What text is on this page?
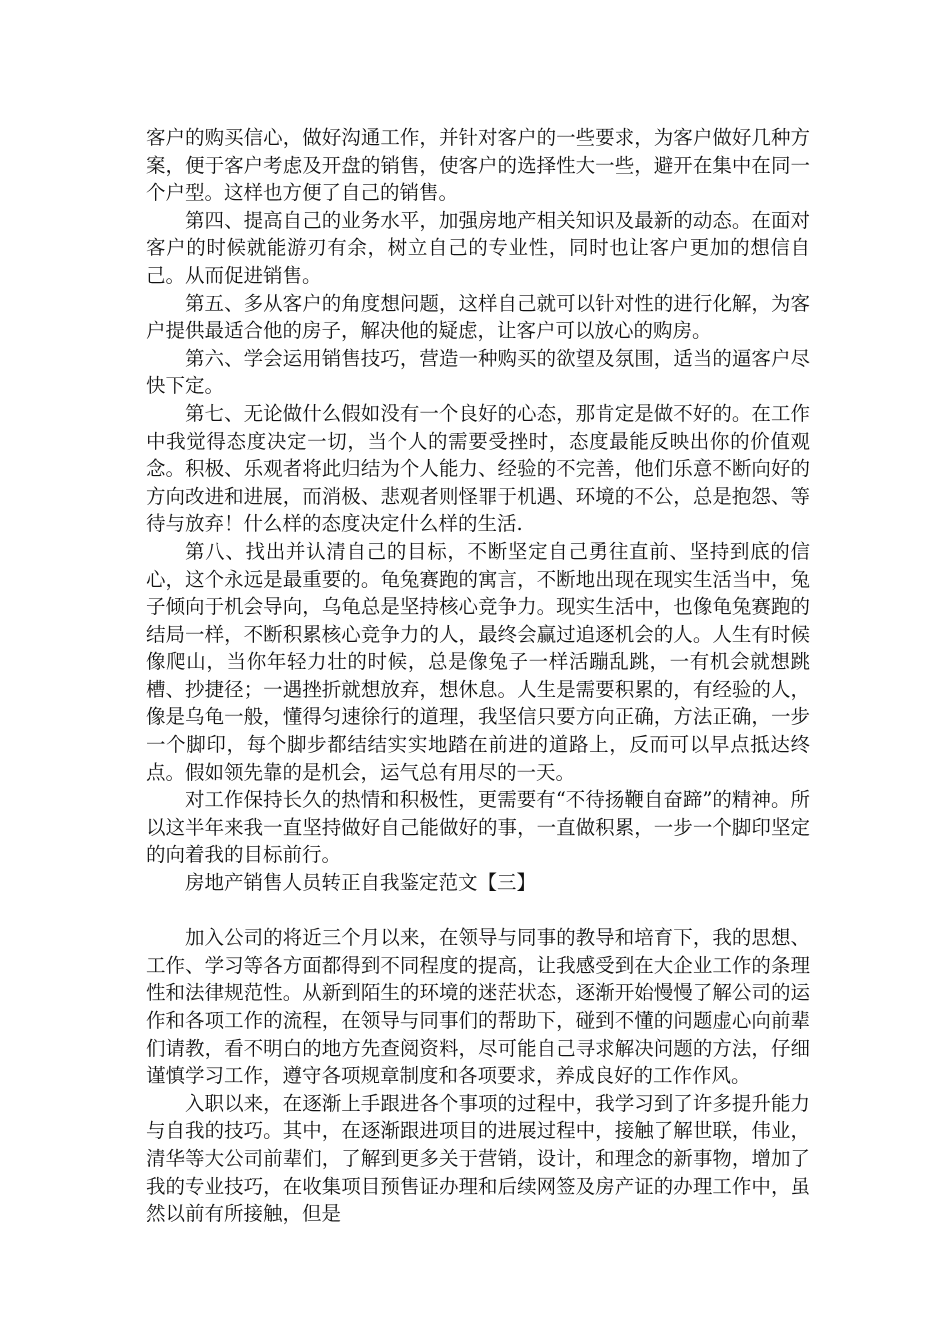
客户的购买信心，做好沟通工作，并针对客户的一些要求，为客户做好几种方案，便于客户考虑及开盘的销售，使客户的选择性大一些，避开在集中在同一个户型。这样也方便了自己的销售。

第四、提高自己的业务水平，加强房地产相关知识及最新的动态。在面对客户的时候就能游刃有余，树立自己的专业性，同时也让客户更加的想信自己。从而促进销售。

第五、多从客户的角度想问题，这样自己就可以针对性的进行化解，为客户提供最适合他的房子，解决他的疑虑，让客户可以放心的购房。

第六、学会运用销售技巧，营造一种购买的欲望及氛围，适当的逼客户尽快下定。

第七、无论做什么假如没有一个良好的心态，那肯定是做不好的。在工作中我觉得态度决定一切，当个人的需要受挫时，态度最能反映出你的价值观念。积极、乐观者将此归结为个人能力、经验的不完善，他们乐意不断向好的方向改进和进展，而消极、悲观者则怪罪于机遇、环境的不公，总是抱怨、等待与放弃！什么样的态度决定什么样的生活.

第八、找出并认清自己的目标，不断坚定自己勇往直前、坚持到底的信心，这个永远是最重要的。龟兔赛跑的寓言，不断地出现在现实生活当中，兔子倾向于机会导向，乌龟总是坚持核心竞争力。现实生活中，也像龟兔赛跑的结局一样，不断积累核心竞争力的人，最终会赢过追逐机会的人。人生有时候像爬山，当你年轻力壮的时候，总是像兔子一样活蹦乱跳，一有机会就想跳槽、抄捷径；一遇挫折就想放弃，想休息。人生是需要积累的，有经验的人，像是乌龟一般，懂得匀速徐行的道理，我坚信只要方向正确，方法正确，一步一个脚印，每个脚步都结结实实地踏在前进的道路上，反而可以早点抵达终点。假如领先靠的是机会，运气总有用尽的一天。

对工作保持长久的热情和积极性，更需要有“不待扬鞭自奋蹄”的精神。所以这半年来我一直坚持做好自己能做好的事，一直做积累，一步一个脚印坚定的向着我的目标前行。

房地产销售人员转正自我鉴定范文【三】

加入公司的将近三个月以来，在领导与同事的教导和培育下，我的思想、工作、学习等各方面都得到不同程度的提高，让我感受到在大企业工作的条理性和法律规范性。从新到陌生的环境的迷茫状态，逐渐开始慢慢了解公司的运作和各项工作的流程，在领导与同事们的帮助下，碰到不懂的问题虚心向前辈们请教，看不明白的地方先查阅资料，尽可能自己寻求解决问题的方法，仔细谨慎学习工作，遵守各项规章制度和各项要求，养成良好的工作作风。

入职以来，在逐渐上手跟进各个事项的过程中，我学习到了许多提升能力与自我的技巧。其中，在逐渐跟进项目的进展过程中，接触了解世联，伟业，清华等大公司前辈们，了解到更多关于营销，设计，和理念的新事物，增加了我的专业技巧，在收集项目预售证办理和后续网签及房产证的办理工作中，虽然以前有所接触，但是
